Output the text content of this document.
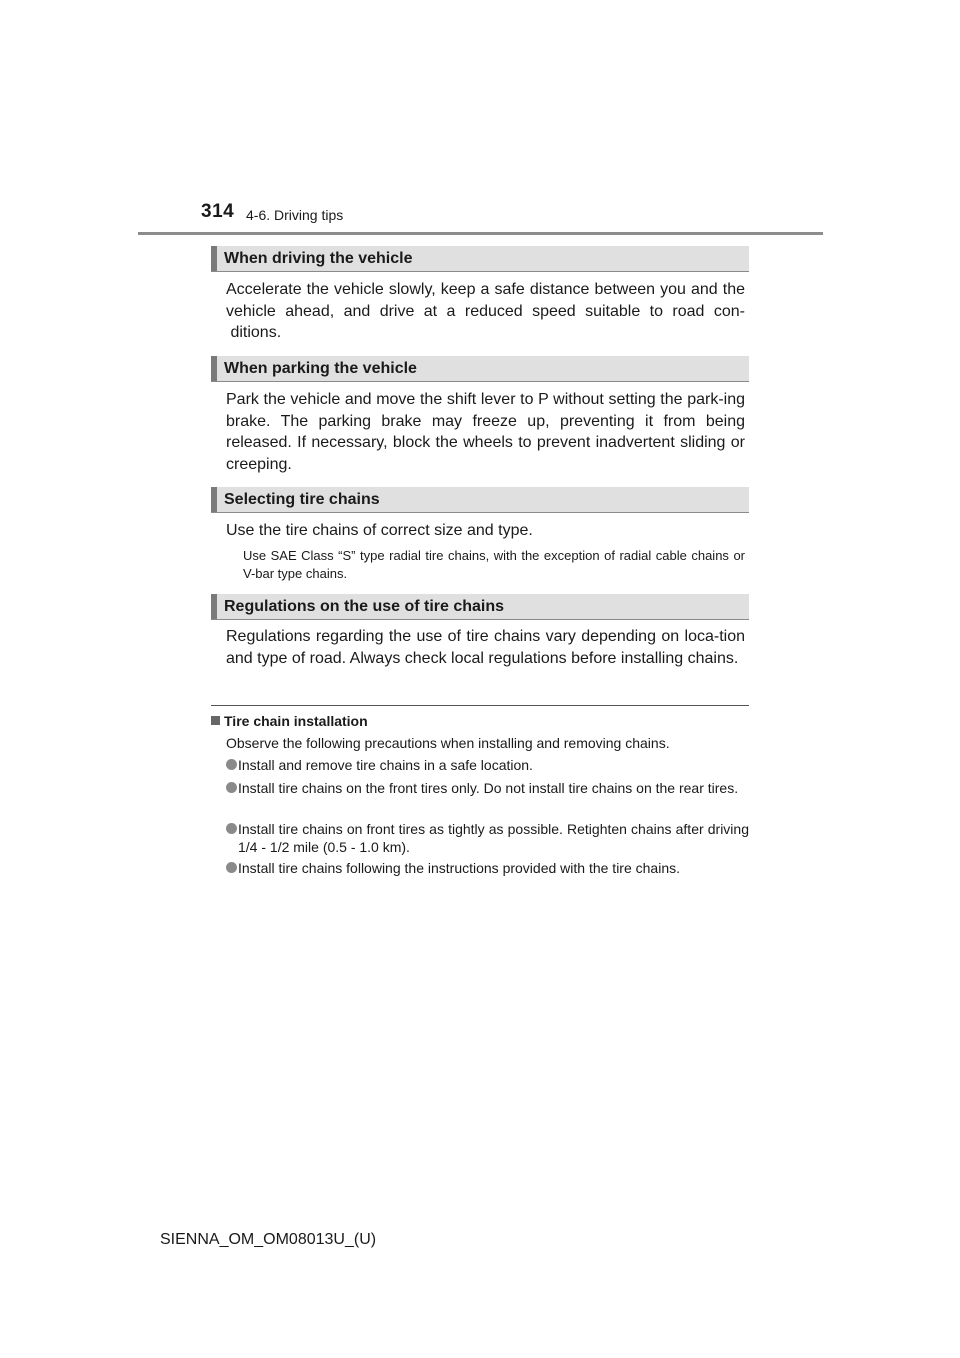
314 4-6. Driving tips
When driving the vehicle
Accelerate the vehicle slowly, keep a safe distance between you and the vehicle ahead, and drive at a reduced speed suitable to road con- ditions.
When parking the vehicle
Park the vehicle and move the shift lever to P without setting the park-ing brake. The parking brake may freeze up, preventing it from being released. If necessary, block the wheels to prevent inadvertent sliding or creeping.
Selecting tire chains
Use the tire chains of correct size and type.
Use SAE Class “S” type radial tire chains, with the exception of radial cable chains or V-bar type chains.
Regulations on the use of tire chains
Regulations regarding the use of tire chains vary depending on loca-tion and type of road. Always check local regulations before installing chains.
Tire chain installation
Observe the following precautions when installing and removing chains.
Install and remove tire chains in a safe location.
Install tire chains on the front tires only. Do not install tire chains on the rear tires.
Install tire chains on front tires as tightly as possible. Retighten chains after driving 1/4 - 1/2 mile (0.5 - 1.0 km).
Install tire chains following the instructions provided with the tire chains.
SIENNA_OM_OM08013U_(U)
